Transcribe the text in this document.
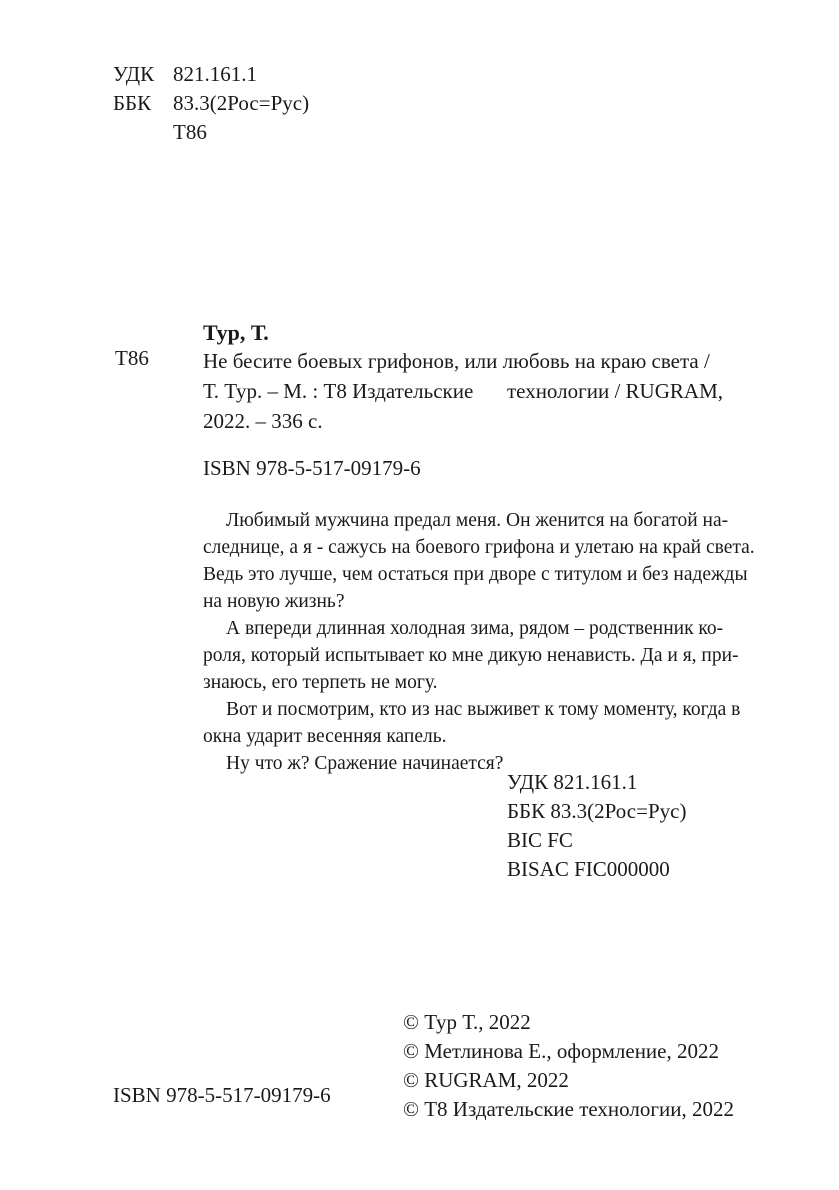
УДК 821.161.1
ББК	83.3(2Рос=Рус)
Т86
Тур, Т.
Т86	Не бесите боевых грифонов, или любовь на краю света /
Т. Тур. – М. : Т8 Издательские технологии / RUGRAM,
2022. – 336 с.
ISBN 978-5-517-09179-6
Любимый мужчина предал меня. Он женится на богатой на-
следнице, а я - сажусь на боевого грифона и улетаю на край света.
Ведь это лучше, чем остаться при дворе с титулом и без надежды
на новую жизнь?
А впереди длинная холодная зима, рядом – родственник ко-
роля, который испытывает ко мне дикую ненависть. Да и я, при-
знаюсь, его терпеть не могу.
Вот и посмотрим, кто из нас выживет к тому моменту, когда в
окна ударит весенняя капель.
Ну что ж? Сражение начинается?
УДК 821.161.1
ББК 83.3(2Рос=Рус)
BIC FC
BISAC FIC000000
© Тур Т., 2022
© Метлинова Е., оформление, 2022
© RUGRAM, 2022
© Т8 Издательские технологии, 2022
ISBN 978-5-517-09179-6
